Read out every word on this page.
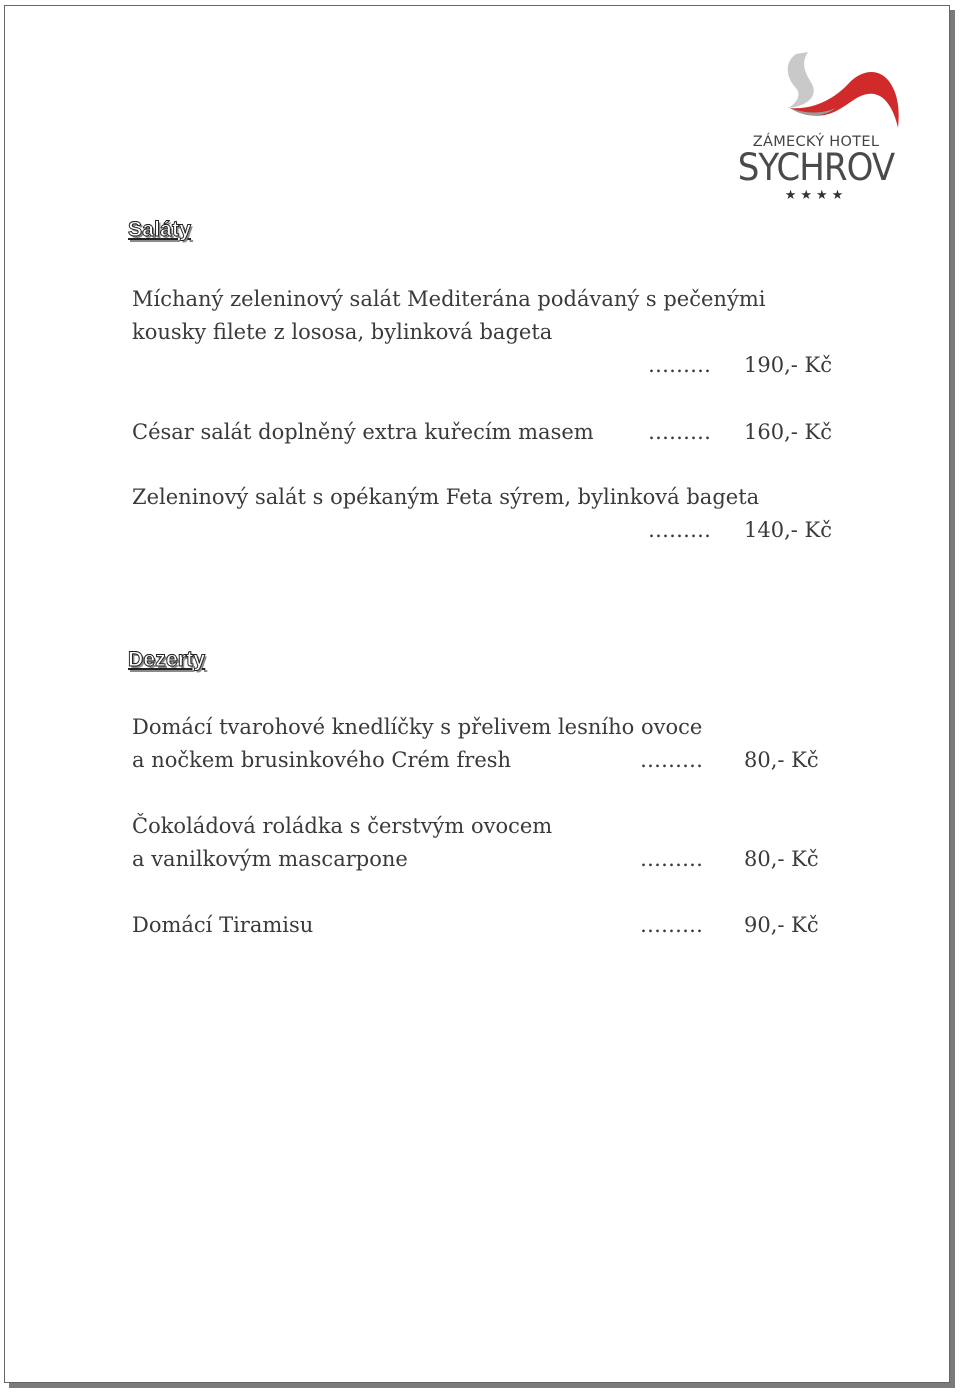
ZÁMECKÝ HOTEL
SYCHROV
★★★★
Saláty
Míchaný zeleninový salát Mediterána podávaný s pečenými
kousky filete z lososa, bylinková bageta
……… 190,- Kč
César salát doplněný extra kuřecím masem	……… 160,- Kč
Zeleninový salát s opékaným Feta sýrem, bylinková bageta
……… 140,- Kč
Dezerty
Domácí tvarohové knedlíčky s přelivem lesního ovoce
a nočkem brusinkového Crém fresh	……… 80,- Kč
Čokoládová roládka s čerstvým ovocem
a vanilkovým mascarpone	……… 80,- Kč
Domácí Tiramisu	……… 90,- Kč
